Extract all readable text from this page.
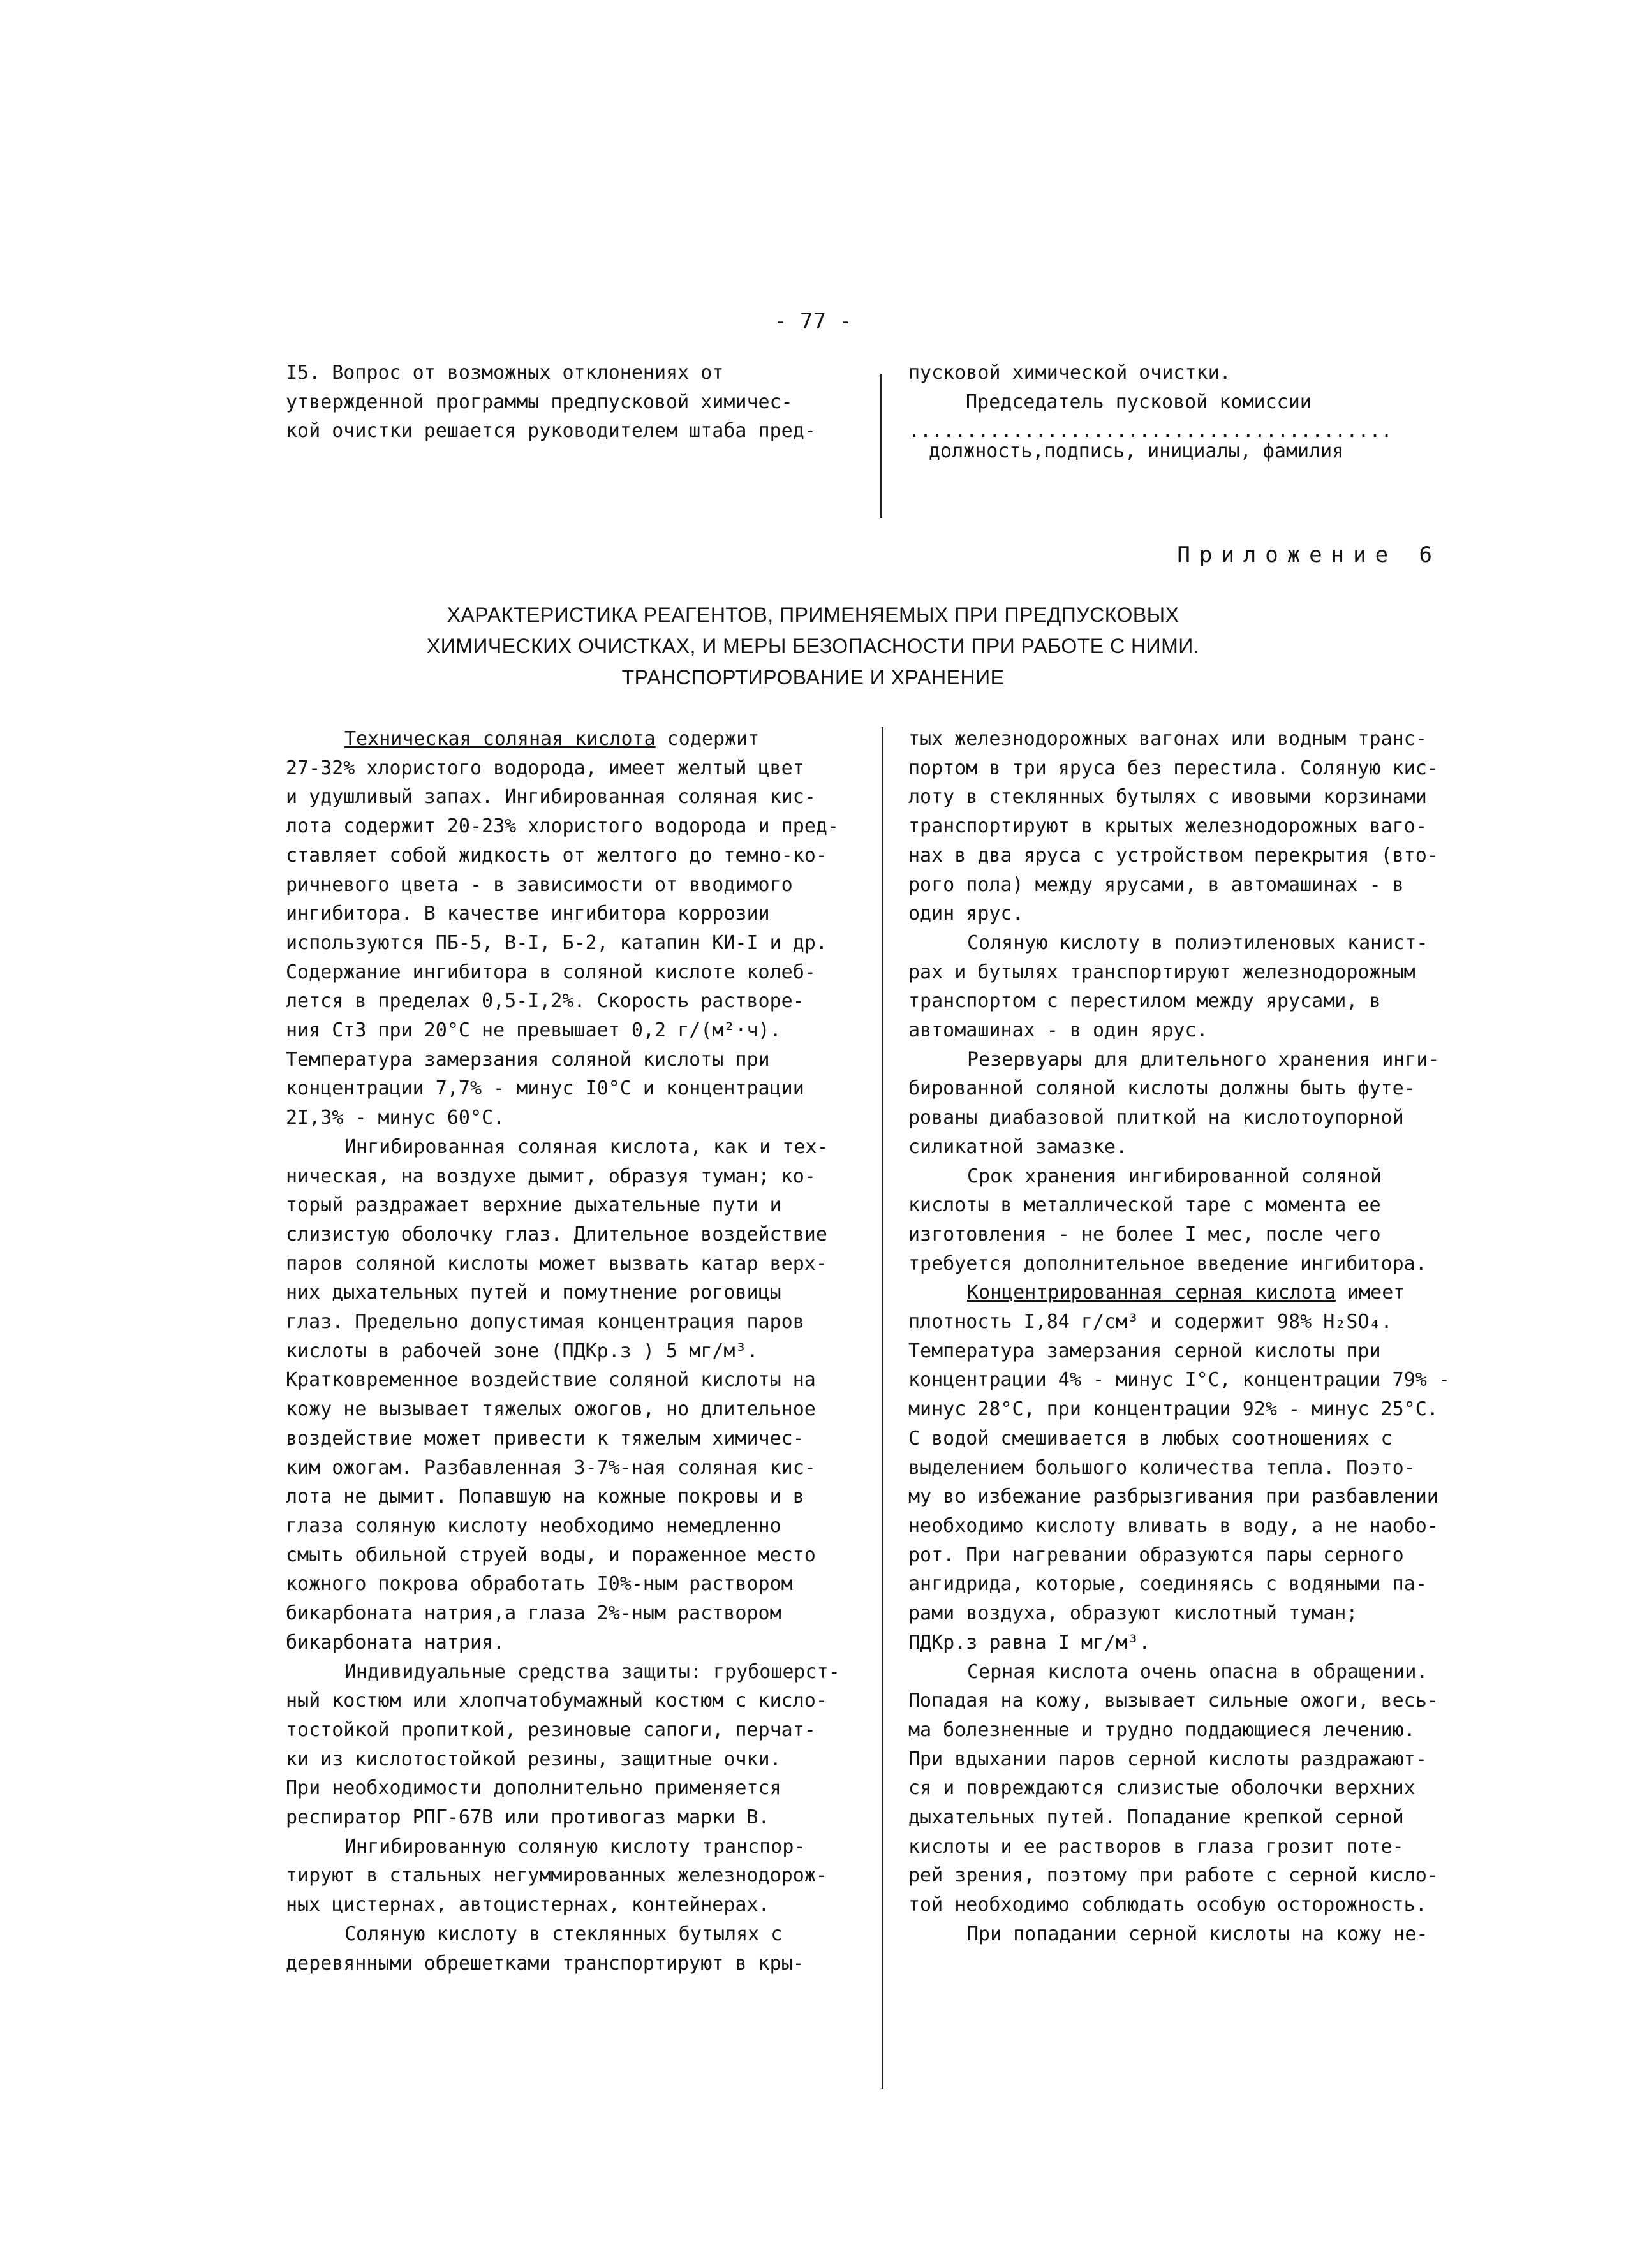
- 77 -
I5. Вопрос от возможных отклонениях от
утвержденной программы предпусковой химичес-
кой очистки решается руководителем штаба пред-
пусковой химической очистки.
Председатель пусковой комиссии
..........................................
должность,подпись, инициалы, фамилия
Приложение 6

ХАРАКТЕРИСТИКА РЕАГЕНТОВ, ПРИМЕНЯЕМЫХ ПРИ ПРЕДПУСКОВЫХ

ХИМИЧЕСКИХ ОЧИСТКАХ, И МЕРЫ БЕЗОПАСНОСТИ ПРИ РАБОТЕ С НИМИ.

ТРАНСПОРТИРОВАНИЕ И ХРАНЕНИЕ

Техническая соляная кислота содержит
27-32% хлористого водорода, имеет желтый цвет
и удушливый запах. Ингибированная соляная кис-
лота содержит 20-23% хлористого водорода и пред-
ставляет собой жидкость от желтого до темно-ко-
ричневого цвета - в зависимости от вводимого
ингибитора. В качестве ингибитора коррозии
используются ПБ-5, В-I, Б-2, катапин КИ-I и др.
Содержание ингибитора в соляной кислоте колеб-
лется в пределах 0,5-I,2%. Скорость растворе-
ния Ст3 при 20°С не превышает 0,2 г/(м²·ч).
Температура замерзания соляной кислоты при
концентрации 7,7% - минус I0°С и концентрации
2I,3% - минус 60°С.
Ингибированная соляная кислота, как и тех-
ническая, на воздухе дымит, образуя туман; ко-
торый раздражает верхние дыхательные пути и
слизистую оболочку глаз. Длительное воздействие
паров соляной кислоты может вызвать катар верх-
них дыхательных путей и помутнение роговицы
глаз. Предельно допустимая концентрация паров
кислоты в рабочей зоне (ПДКр.з ) 5 мг/м³.
Кратковременное воздействие соляной кислоты на
кожу не вызывает тяжелых ожогов, но длительное
воздействие может привести к тяжелым химичес-
ким ожогам. Разбавленная 3-7%-ная соляная кис-
лота не дымит. Попавшую на кожные покровы и в
глаза соляную кислоту необходимо немедленно
смыть обильной струей воды, и пораженное место
кожного покрова обработать I0%-ным раствором
бикарбоната натрия,а глаза 2%-ным раствором
бикарбоната натрия.
Индивидуальные средства защиты: грубошерст-
ный костюм или хлопчатобумажный костюм с кисло-
тостойкой пропиткой, резиновые сапоги, перчат-
ки из кислотостойкой резины, защитные очки.
При необходимости дополнительно применяется
респиратор РПГ-67В или противогаз марки В.
Ингибированную соляную кислоту транспор-
тируют в стальных негуммированных железнодорож-
ных цистернах, автоцистернах, контейнерах.
Соляную кислоту в стеклянных бутылях с
деревянными обрешетками транспортируют в кры-
тых железнодорожных вагонах или водным транс-
портом в три яруса без перестила. Соляную кис-
лоту в стеклянных бутылях с ивовыми корзинами
транспортируют в крытых железнодорожных ваго-
нах в два яруса с устройством перекрытия (вто-
рого пола) между ярусами, в автомашинах - в
один ярус.
Соляную кислоту в полиэтиленовых канист-
рах и бутылях транспортируют железнодорожным
транспортом с перестилом между ярусами, в
автомашинах - в один ярус.
Резервуары для длительного хранения инги-
бированной соляной кислоты должны быть футе-
рованы диабазовой плиткой на кислотоупорной
силикатной замазке.
Срок хранения ингибированной соляной
кислоты в металлической таре с момента ее
изготовления - не более I мес, после чего
требуется дополнительное введение ингибитора.
Концентрированная серная кислота имеет
плотность I,84 г/см³ и содержит 98% H₂SO₄.
Температура замерзания серной кислоты при
концентрации 4% - минус I°С, концентрации 79% -
минус 28°С, при концентрации 92% - минус 25°С.
С водой смешивается в любых соотношениях с
выделением большого количества тепла. Поэто-
му во избежание разбрызгивания при разбавлении
необходимо кислоту вливать в воду, а не наобо-
рот. При нагревании образуются пары серного
ангидрида, которые, соединяясь с водяными па-
рами воздуха, образуют кислотный туман;
ПДКр.з равна I мг/м³.
Серная кислота очень опасна в обращении.
Попадая на кожу, вызывает сильные ожоги, весь-
ма болезненные и трудно поддающиеся лечению.
При вдыхании паров серной кислоты раздражают-
ся и повреждаются слизистые оболочки верхних
дыхательных путей. Попадание крепкой серной
кислоты и ее растворов в глаза грозит поте-
рей зрения, поэтому при работе с серной кисло-
той необходимо соблюдать особую осторожность.
При попадании серной кислоты на кожу не-
